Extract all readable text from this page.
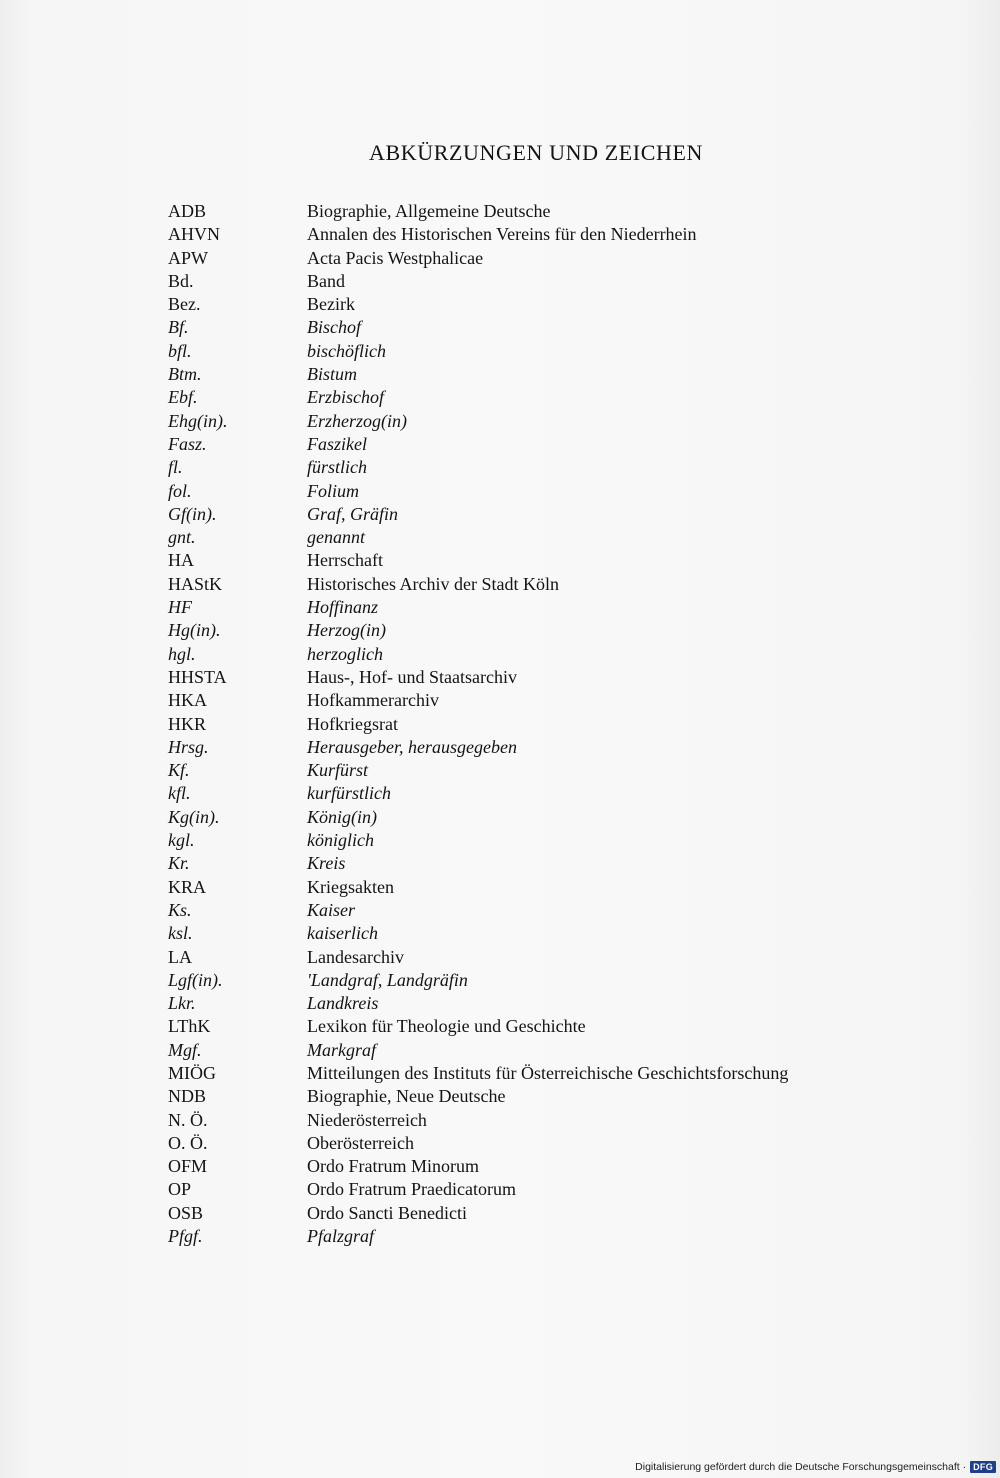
ABKÜRZUNGEN UND ZEICHEN
ADB	Biographie, Allgemeine Deutsche
AHVN	Annalen des Historischen Vereins für den Niederrhein
APW	Acta Pacis Westphalicae
Bd.	Band
Bez.	Bezirk
Bf.	Bischof
bfl.	bischöflich
Btm.	Bistum
Ebf.	Erzbischof
Ehg(in).	Erzherzog(in)
Fasz.	Faszikel
fl.	fürstlich
fol.	Folium
Gf(in).	Graf, Gräfin
gnt.	genannt
HA	Herrschaft
HAStK	Historisches Archiv der Stadt Köln
HF	Hoffinanz
Hg(in).	Herzog(in)
hgl.	herzoglich
HHSTA	Haus-, Hof- und Staatsarchiv
HKA	Hofkammerarchiv
HKR	Hofkriegsrat
Hrsg.	Herausgeber, herausgegeben
Kf.	Kurfürst
kfl.	kurfürstlich
Kg(in).	König(in)
kgl.	königlich
Kr.	Kreis
KRA	Kriegsakten
Ks.	Kaiser
ksl.	kaiserlich
LA	Landesarchiv
Lgf(in).	'Landgraf, Landgräfin
Lkr.	Landkreis
LThK	Lexikon für Theologie und Geschichte
Mgf.	Markgraf
MIÖG	Mitteilungen des Instituts für Österreichische Geschichtsforschung
NDB	Biographie, Neue Deutsche
N. Ö.	Niederösterreich
O. Ö.	Oberösterreich
OFM	Ordo Fratrum Minorum
OP	Ordo Fratrum Praedicatorum
OSB	Ordo Sancti Benedicti
Pfgf.	Pfalzgraf
Digitalisierung gefördert durch die Deutsche Forschungsgemeinschaft · DFG
